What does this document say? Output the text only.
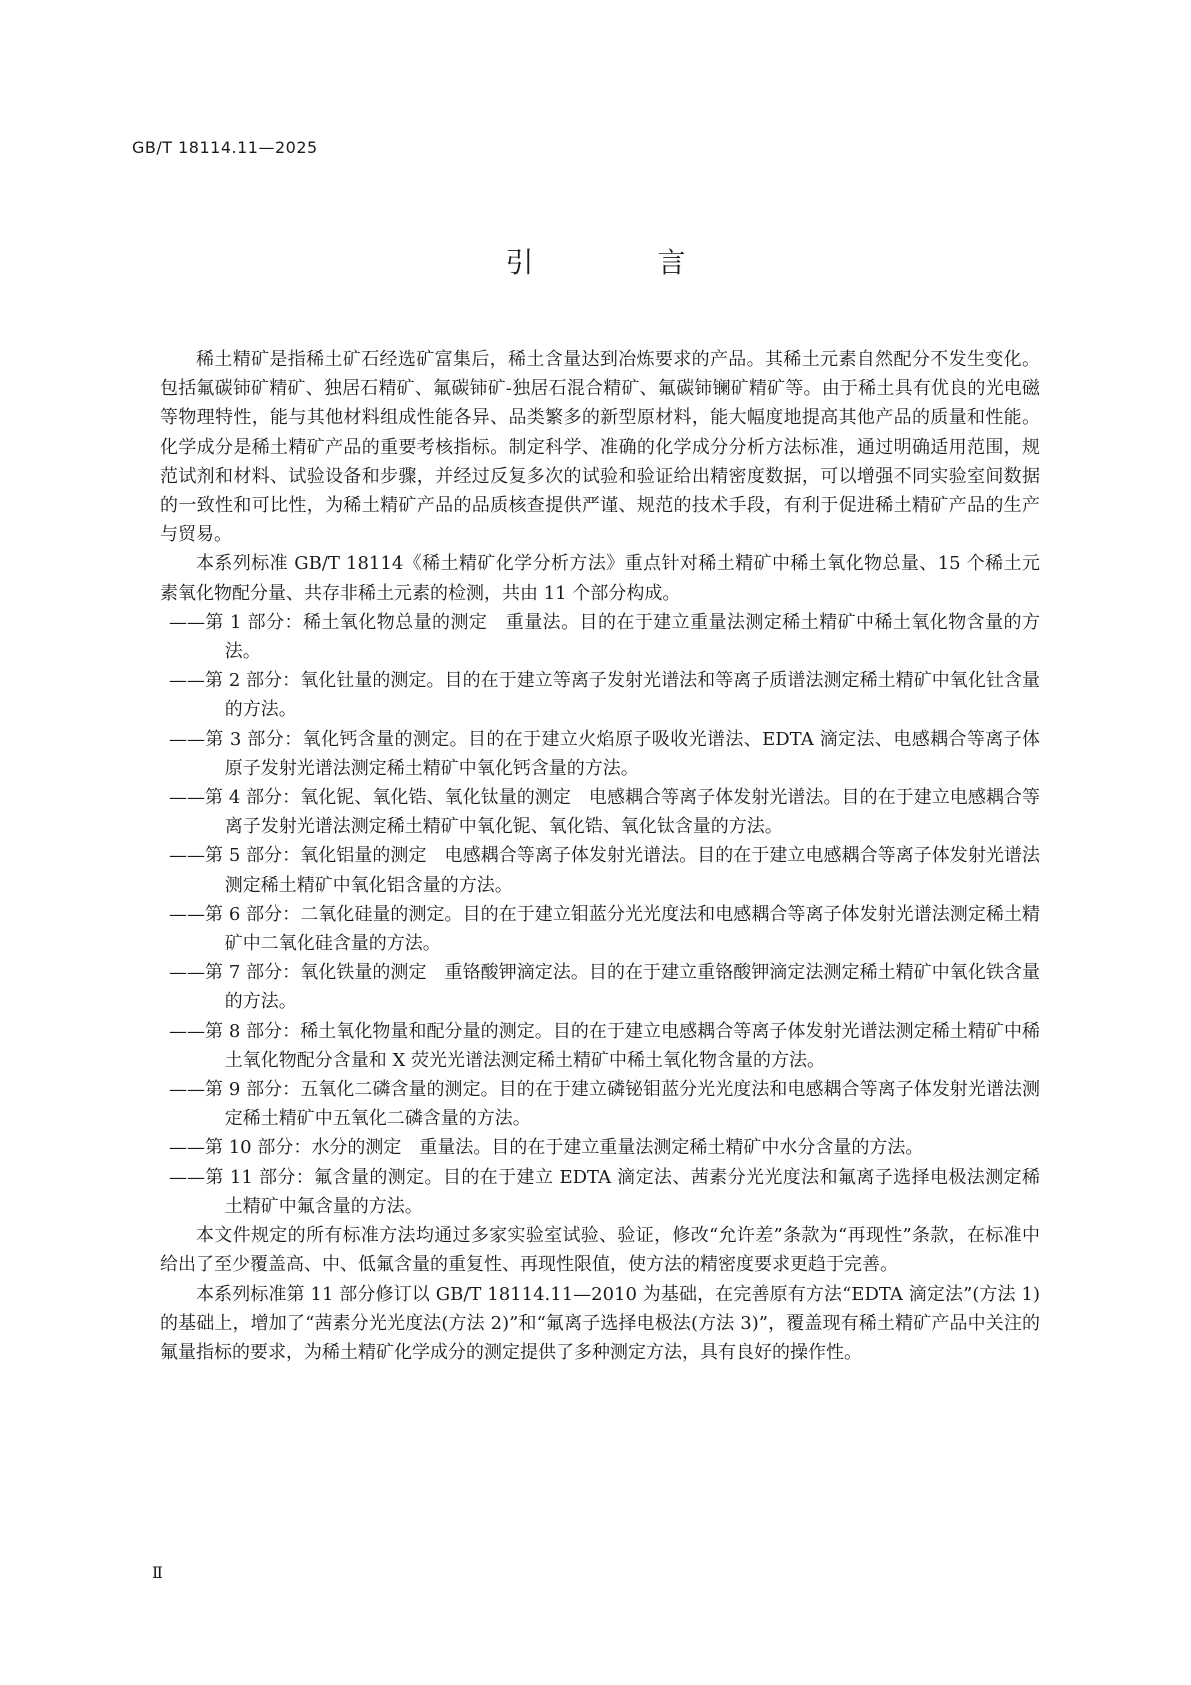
GB/T 18114.11—2025
引　言

稀土精矿是指稀土矿石经选矿富集后，稀土含量达到冶炼要求的产品。其稀土元素自然配分不发生变化。包括氟碳铈矿精矿、独居石精矿、氟碳铈矿-独居石混合精矿、氟碳铈镧矿精矿等。由于稀土具有优良的光电磁等物理特性，能与其他材料组成性能各异、品类繁多的新型原材料，能大幅度地提高其他产品的质量和性能。化学成分是稀土精矿产品的重要考核指标。制定科学、准确的化学成分分析方法标准，通过明确适用范围，规范试剂和材料、试验设备和步骤，并经过反复多次的试验和验证给出精密度数据，可以增强不同实验室间数据的一致性和可比性，为稀土精矿产品的品质核查提供严谨、规范的技术手段，有利于促进稀土精矿产品的生产与贸易。

本系列标准 GB/T 18114《稀土精矿化学分析方法》重点针对稀土精矿中稀土氧化物总量、15 个稀土元素氧化物配分量、共存非稀土元素的检测，共由 11 个部分构成。

——第 1 部分：稀土氧化物总量的测定　重量法。目的在于建立重量法测定稀土精矿中稀土氧化物含量的方法。
——第 2 部分：氧化钍量的测定。目的在于建立等离子发射光谱法和等离子质谱法测定稀土精矿中氧化钍含量的方法。
——第 3 部分：氧化钙含量的测定。目的在于建立火焰原子吸收光谱法、EDTA 滴定法、电感耦合等离子体原子发射光谱法测定稀土精矿中氧化钙含量的方法。
——第 4 部分：氧化铌、氧化锆、氧化钛量的测定　电感耦合等离子体发射光谱法。目的在于建立电感耦合等离子发射光谱法测定稀土精矿中氧化铌、氧化锆、氧化钛含量的方法。
——第 5 部分：氧化铝量的测定　电感耦合等离子体发射光谱法。目的在于建立电感耦合等离子体发射光谱法测定稀土精矿中氧化铝含量的方法。
——第 6 部分：二氧化硅量的测定。目的在于建立钼蓝分光光度法和电感耦合等离子体发射光谱法测定稀土精矿中二氧化硅含量的方法。
——第 7 部分：氧化铁量的测定　重铬酸钾滴定法。目的在于建立重铬酸钾滴定法测定稀土精矿中氧化铁含量的方法。
——第 8 部分：稀土氧化物量和配分量的测定。目的在于建立电感耦合等离子体发射光谱法测定稀土精矿中稀土氧化物配分含量和 X 荧光光谱法测定稀土精矿中稀土氧化物含量的方法。
——第 9 部分：五氧化二磷含量的测定。目的在于建立磷铋钼蓝分光光度法和电感耦合等离子体发射光谱法测定稀土精矿中五氧化二磷含量的方法。
——第 10 部分：水分的测定　重量法。目的在于建立重量法测定稀土精矿中水分含量的方法。
——第 11 部分：氟含量的测定。目的在于建立 EDTA 滴定法、茜素分光光度法和氟离子选择电极法测定稀土精矿中氟含量的方法。

本文件规定的所有标准方法均通过多家实验室试验、验证，修改“允许差”条款为“再现性”条款，在标准中给出了至少覆盖高、中、低氟含量的重复性、再现性限值，使方法的精密度要求更趋于完善。

本系列标准第 11 部分修订以 GB/T 18114.11—2010 为基础，在完善原有方法“EDTA 滴定法”(方法 1)的基础上，增加了“茜素分光光度法(方法 2)”和“氟离子选择电极法(方法 3)”，覆盖现有稀土精矿产品中关注的氟量指标的要求，为稀土精矿化学成分的测定提供了多种测定方法，具有良好的操作性。

Ⅱ
